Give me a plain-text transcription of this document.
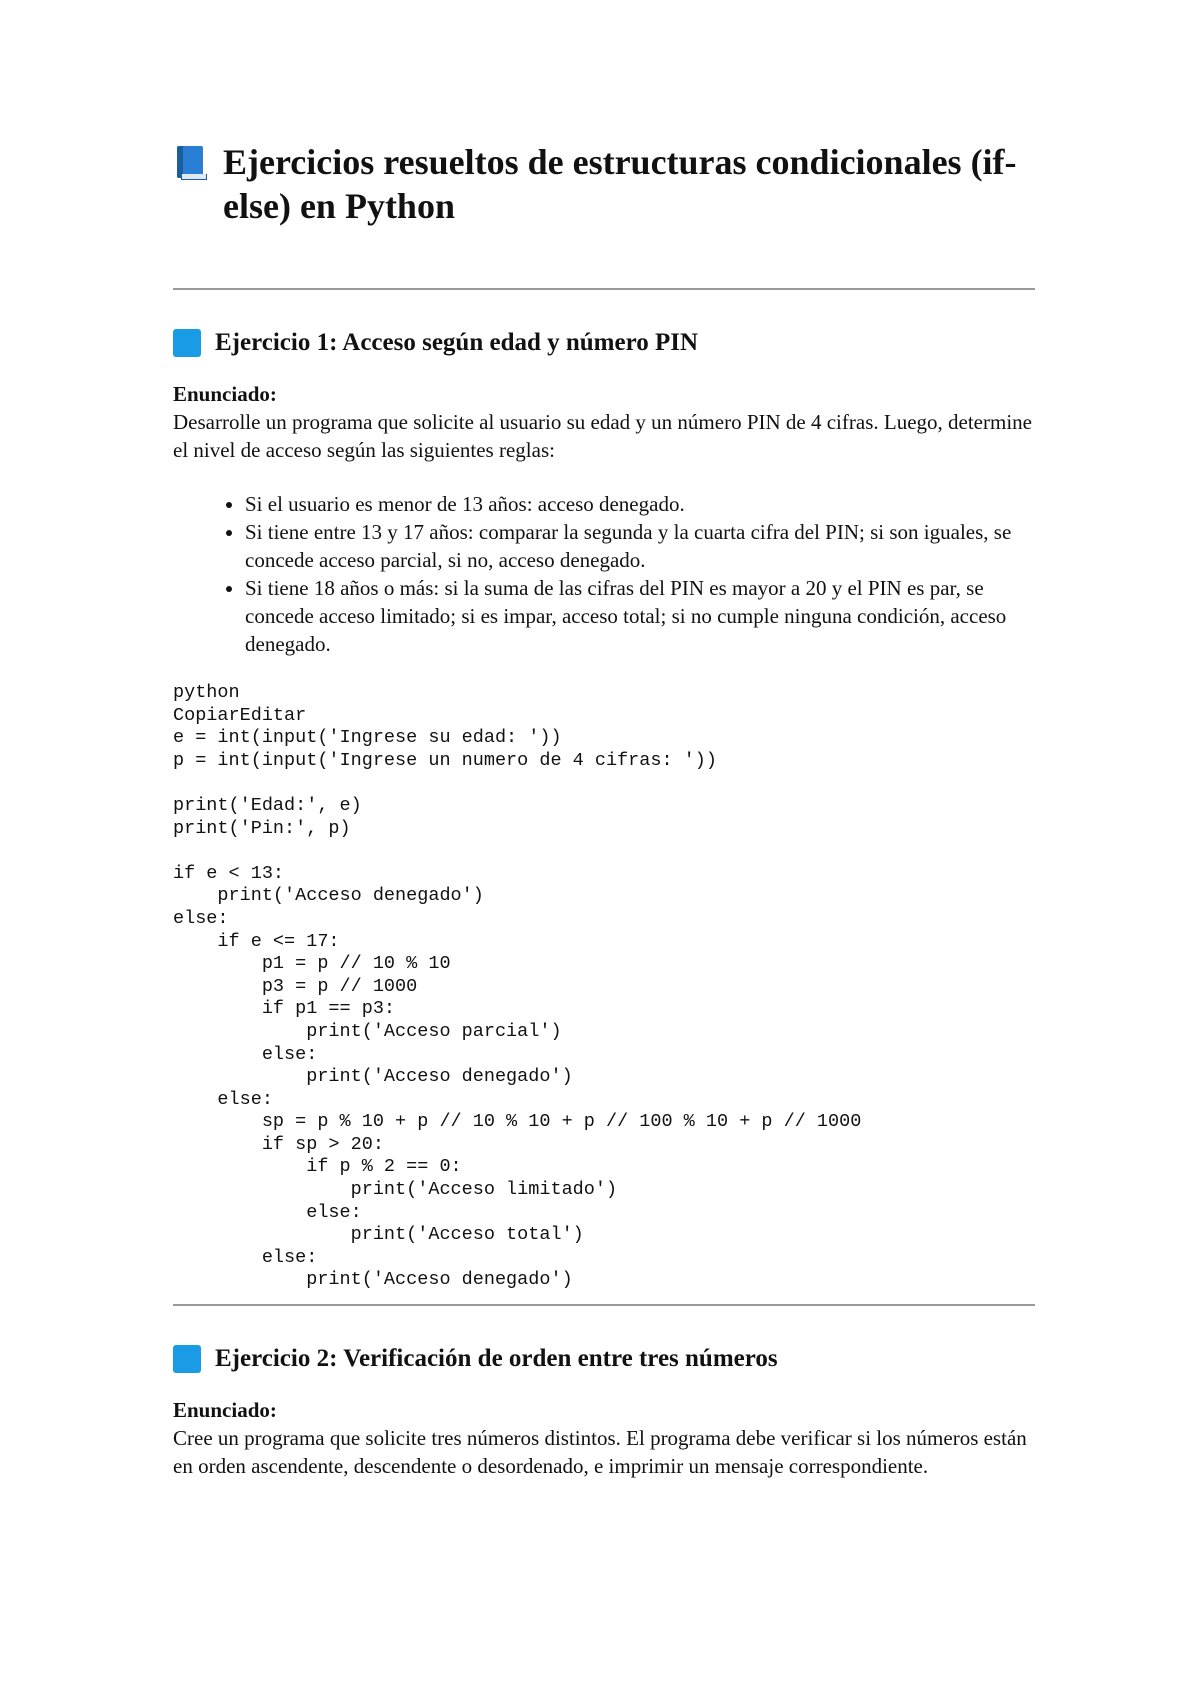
Ejercicios resueltos de estructuras condicionales (if-else) en Python
Ejercicio 1: Acceso según edad y número PIN
Enunciado:

Desarrolle un programa que solicite al usuario su edad y un número PIN de 4 cifras. Luego, determine el nivel de acceso según las siguientes reglas:

• Si el usuario es menor de 13 años: acceso denegado.
• Si tiene entre 13 y 17 años: comparar la segunda y la cuarta cifra del PIN; si son iguales, se concede acceso parcial, si no, acceso denegado.
• Si tiene 18 años o más: si la suma de las cifras del PIN es mayor a 20 y el PIN es par, se concede acceso limitado; si es impar, acceso total; si no cumple ninguna condición, acceso denegado.
python
CopiarEditar
e = int(input('Ingrese su edad: '))
p = int(input('Ingrese un numero de 4 cifras: '))

print('Edad:', e)
print('Pin:', p)

if e < 13:
print('Acceso denegado')
else:
if e <= 17:
p1 = p // 10 % 10
p3 = p // 1000
if p1 == p3:
print('Acceso parcial')
else:
print('Acceso denegado')
else:
sp = p % 10 + p // 10 % 10 + p // 100 % 10 + p // 1000
if sp > 20:
if p % 2 == 0:
print('Acceso limitado')
else:
print('Acceso total')
else:
print('Acceso denegado')
Ejercicio 2: Verificación de orden entre tres números
Enunciado:

Cree un programa que solicite tres números distintos. El programa debe verificar si los números están en orden ascendente, descendente o desordenado, e imprimir un mensaje correspondiente.
